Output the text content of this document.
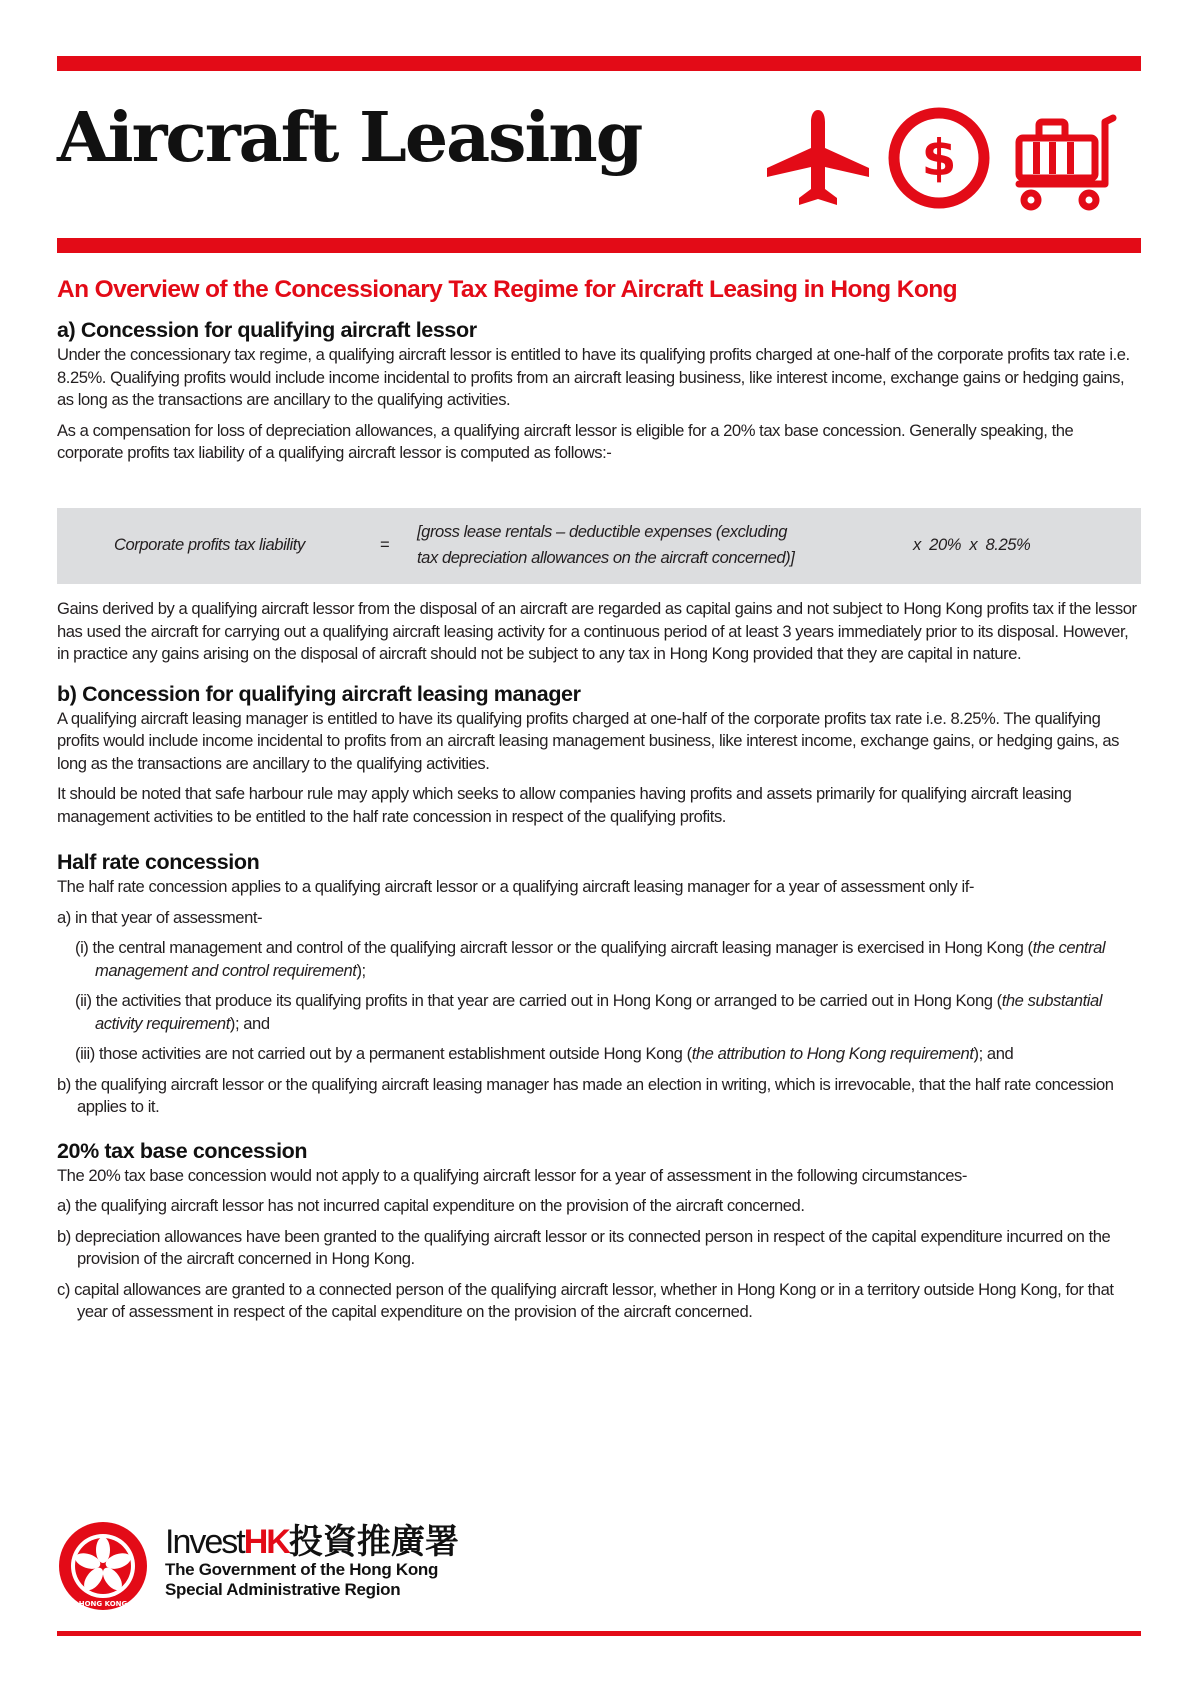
Aircraft Leasing	$
An Overview of the Concessionary Tax Regime for Aircraft Leasing in Hong Kong
a) Concession for qualifying aircraft lessor

Under the concessionary tax regime, a qualifying aircraft lessor is entitled to have its qualifying profits charged at one-half of the corporate profits tax rate i.e. 8.25%. Qualifying profits would include income incidental to profits from an aircraft leasing business, like interest income, exchange gains or hedging gains, as long as the transactions are ancillary to the qualifying activities.

As a compensation for loss of depreciation allowances, a qualifying aircraft lessor is eligible for a 20% tax base concession. Generally speaking, the corporate profits tax liability of a qualifying aircraft lessor is computed as follows:-

Corporate profits tax liability	=
[gross lease rentals – deductible expenses (excluding
tax depreciation allowances on the aircraft concerned)]
x  20%  x  8.25%

Gains derived by a qualifying aircraft lessor from the disposal of an aircraft are regarded as capital gains and not subject to Hong Kong profits tax if the lessor has used the aircraft for carrying out a qualifying aircraft leasing activity for a continuous period of at least 3 years immediately prior to its disposal. However, in practice any gains arising on the disposal of aircraft should not be subject to any tax in Hong Kong provided that they are capital in nature.

b) Concession for qualifying aircraft leasing manager

A qualifying aircraft leasing manager is entitled to have its qualifying profits charged at one-half of the corporate profits tax rate i.e. 8.25%. The qualifying profits would include income incidental to profits from an aircraft leasing management business, like interest income, exchange gains, or hedging gains, as long as the transactions are ancillary to the qualifying activities.

It should be noted that safe harbour rule may apply which seeks to allow companies having profits and assets primarily for qualifying aircraft leasing management activities to be entitled to the half rate concession in respect of the qualifying profits.

Half rate concession

The half rate concession applies to a qualifying aircraft lessor or a qualifying aircraft leasing manager for a year of assessment only if-

a) in that year of assessment-

(i) the central management and control of the qualifying aircraft lessor or the qualifying aircraft leasing manager is exercised in Hong Kong (the central management and control requirement);

(ii) the activities that produce its qualifying profits in that year are carried out in Hong Kong or arranged to be carried out in Hong Kong (the substantial activity requirement); and

(iii) those activities are not carried out by a permanent establishment outside Hong Kong (the attribution to Hong Kong requirement); and

b) the qualifying aircraft lessor or the qualifying aircraft leasing manager has made an election in writing, which is irrevocable, that the half rate concession applies to it.

20% tax base concession

The 20% tax base concession would not apply to a qualifying aircraft lessor for a year of assessment in the following circumstances-

a) the qualifying aircraft lessor has not incurred capital expenditure on the provision of the aircraft concerned.

b) depreciation allowances have been granted to the qualifying aircraft lessor or its connected person in respect of the capital expenditure incurred on the provision of the aircraft concerned in Hong Kong.

c) capital allowances are granted to a connected person of the qualifying aircraft lessor, whether in Hong Kong or in a territory outside Hong Kong, for that year of assessment in respect of the capital expenditure on the provision of the aircraft concerned.

HONG KONG
InvestHK投資推廣署
The Government of the Hong Kong
Special Administrative Region
